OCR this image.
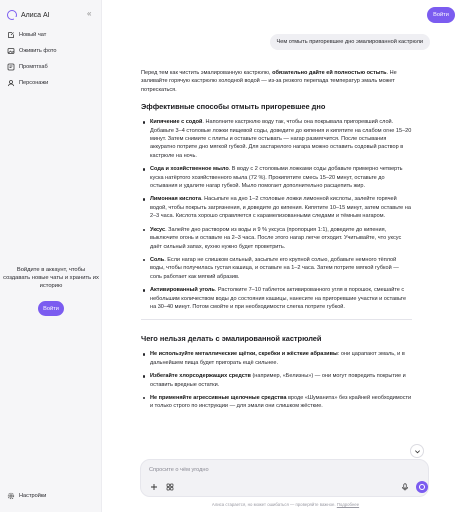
Алиса AI	«
Новый чат
Оживить фото
Промптхаб
Персонажи
Войдите в аккаунт, чтобы создавать новые чаты и хранить их историю
Войти
Настройки
Войти
Чем отмыть пригоревшее дно эмалированной кастрюли

Перед тем как чистить эмалированную кастрюлю, обязательно дайте ей полностью остыть. Не заливайте горячую кастрюлю холодной водой — из-за резкого перепада температур эмаль может потрескаться.

Эффективные способы отмыть пригоревшее дно
Кипячение с содой. Наполните кастрюлю воду так, чтобы она покрывала пригоревший слой. Добавьте 3–4 столовые ложки пищевой соды, доведите до кипения и кипятите на слабом огне 15–20 минут. Затем снимите с плиты и оставьте остывать — нагар размягчится. После остывания аккуратно потрите дно мягкой губкой. Для застарелого нагара можно оставить содовый раствор в кастрюле на ночь.
Сода и хозяйственное мыло. В воду с 2 столовыми ложками соды добавьте примерно четверть куска натёртого хозяйственного мыла (72 %). Прокипятите смесь 15–20 минут, оставьте до остывания и удалите нагар губкой. Мыло помогает дополнительно расщепить жир.
Лимонная кислота. Насыпьте на дно 1–2 столовые ложки лимонной кислоты, залейте горячей водой, чтобы покрыть загрязнения, и доведите до кипения. Кипятите 10–15 минут, затем оставьте на 2–3 часа. Кислота хорошо справляется с карамелизованными следами и тёмным нагаром.
Уксус. Залейте дно раствором из воды и 9 % уксуса (пропорция 1:1), доведите до кипения, выключите огонь и оставьте на 2–3 часа. После этого нагар легче отходит. Учитывайте, что уксус даёт сильный запах, кухню нужно будет проветрить.
Соль. Если нагар не слишком сильный, засыпьте его крупной солью, добавьте немного тёплой воды, чтобы получилась густая кашица, и оставьте на 1–2 часа. Затем потрите мягкой губкой — соль работает как мягкий абразив.
Активированный уголь. Растолките 7–10 таблеток активированного угля в порошок, смешайте с небольшим количеством воды до состояния кашицы, нанесите на пригоревшие участки и оставьте на 30–40 минут. Потом смойте и при необходимости слегка потрите губкой.
Чего нельзя делать с эмалированной кастрюлей
Не используйте металлические щётки, скребки и жёсткие абразивы: они царапают эмаль, и в дальнейшем пища будет пригорать ещё сильнее.
Избегайте хлорсодержащих средств (например, «Белизны») — они могут повредить покрытие и оставить вредные остатки.
Не применяйте агрессивные щелочные средства вроде «Шуманита» без крайней необходимости и только строго по инструкции — для эмали они слишком жёсткие.
Спросите о чём угодно
Алиса старается, но может ошибаться — проверяйте важное. Подробнее
